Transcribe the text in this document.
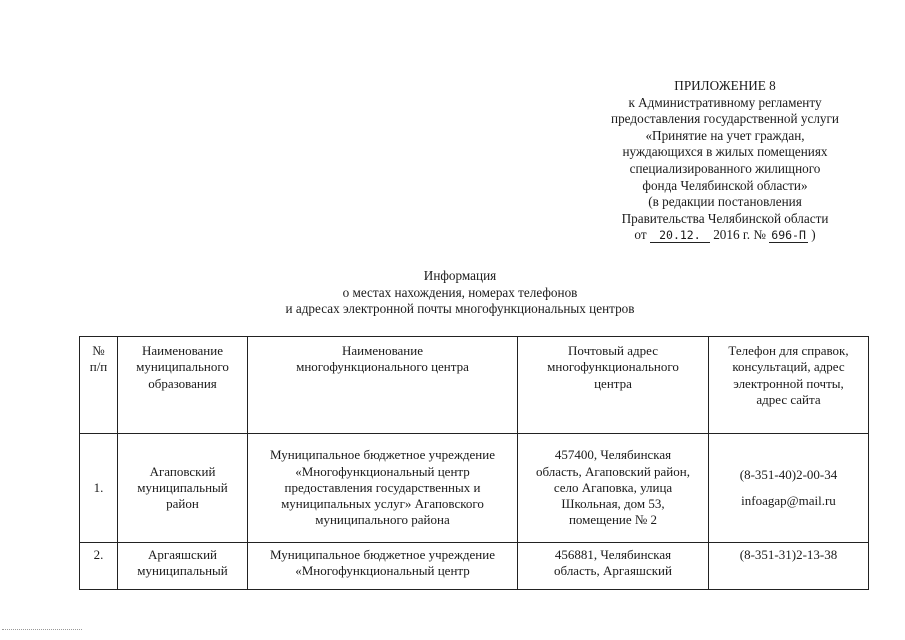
ПРИЛОЖЕНИЕ 8
к Административному регламенту
предоставления государственной услуги
«Принятие на учет граждан,
нуждающихся в жилых помещениях
специализированного жилищного
фонда Челябинской области»
(в редакции постановления
Правительства Челябинской области
от 20.12. 2016 г. № 696-П )
Информация
о местах нахождения, номерах телефонов
и адресах электронной почты многофункциональных центров
№
п/п	Наименование
муниципального
образования	Наименование
многофункционального центра	Почтовый адрес
многофункционального
центра	Телефон для справок,
консультаций, адрес
электронной почты,
адрес сайта

1.	Агаповский
муниципальный
район	Муниципальное бюджетное учреждение
«Многофункциональный центр
предоставления государственных и
муниципальных услуг» Агаповского
муниципального района	457400, Челябинская
область, Агаповский район,
село Агаповка, улица
Школьная, дом 53,
помещение № 2	(8-351-40)2-00-34
infoagap@mail.ru

2.	Аргаяшский
муниципальный	Муниципальное бюджетное учреждение
«Многофункциональный центр	456881, Челябинская
область, Аргаяшский	(8-351-31)2-13-38
